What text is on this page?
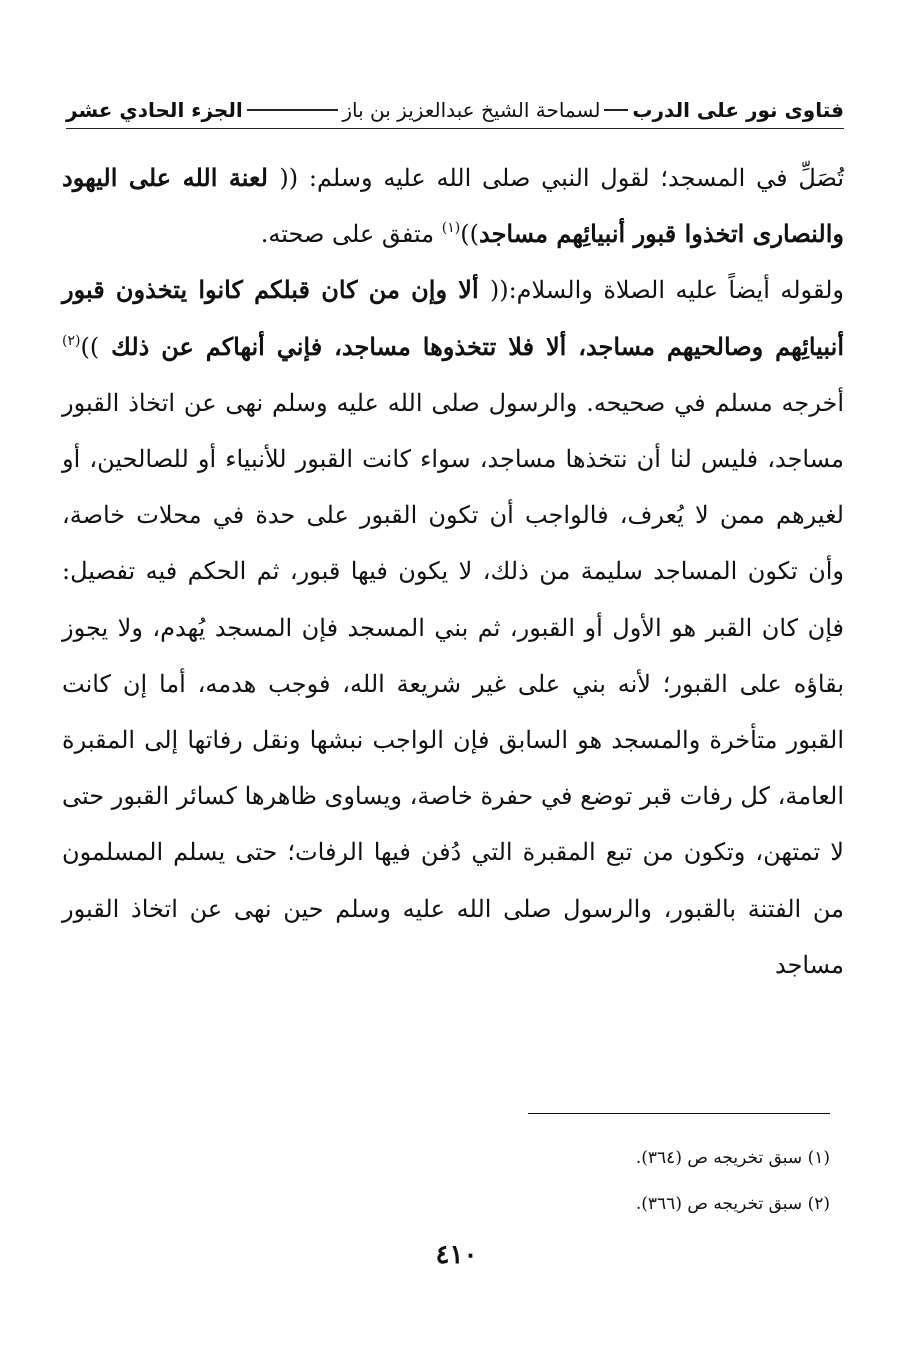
فتاوى نور على الدرب
لسماحة الشيخ عبدالعزيز بن باز
الجزء الحادي عشر
تُصَلِّ في المسجد؛ لقول النبي صلى الله عليه وسلم: (( لعنة الله على اليهود والنصارى اتخذوا قبور أنبيائِهم مساجد))$^{(١)}$ متفق على صحته.
ولقوله أيضاً عليه الصلاة والسلام:(( ألا وإن من كان قبلكم كانوا يتخذون قبور أنبيائِهم وصالحيهم مساجد، ألا فلا تتخذوها مساجد، فإني أنهاكم عن ذلك ))$^{(٢)}$ أخرجه مسلم في صحيحه. والرسول صلى الله عليه وسلم نهى عن اتخاذ القبور مساجد، فليس لنا أن نتخذها مساجد، سواء كانت القبور للأنبياء أو للصالحين، أو لغيرهم ممن لا يُعرف، فالواجب أن تكون القبور على حدة في محلات خاصة، وأن تكون المساجد سليمة من ذلك، لا يكون فيها قبور، ثم الحكم فيه تفصيل: فإن كان القبر هو الأول أو القبور، ثم بني المسجد فإن المسجد يُهدم، ولا يجوز بقاؤه على القبور؛ لأنه بني على غير شريعة الله، فوجب هدمه، أما إن كانت القبور متأخرة والمسجد هو السابق فإن الواجب نبشها ونقل رفاتها إلى المقبرة العامة، كل رفات قبر توضع في حفرة خاصة، ويساوى ظاهرها كسائر القبور حتى لا تمتهن، وتكون من تبع المقبرة التي دُفن فيها الرفات؛ حتى يسلم المسلمون من الفتنة بالقبور، والرسول صلى الله عليه وسلم حين نهى عن اتخاذ القبور مساجد
(١) سبق تخريجه ص (٣٦٤).
(٢) سبق تخريجه ص (٣٦٦).
٤١٠
